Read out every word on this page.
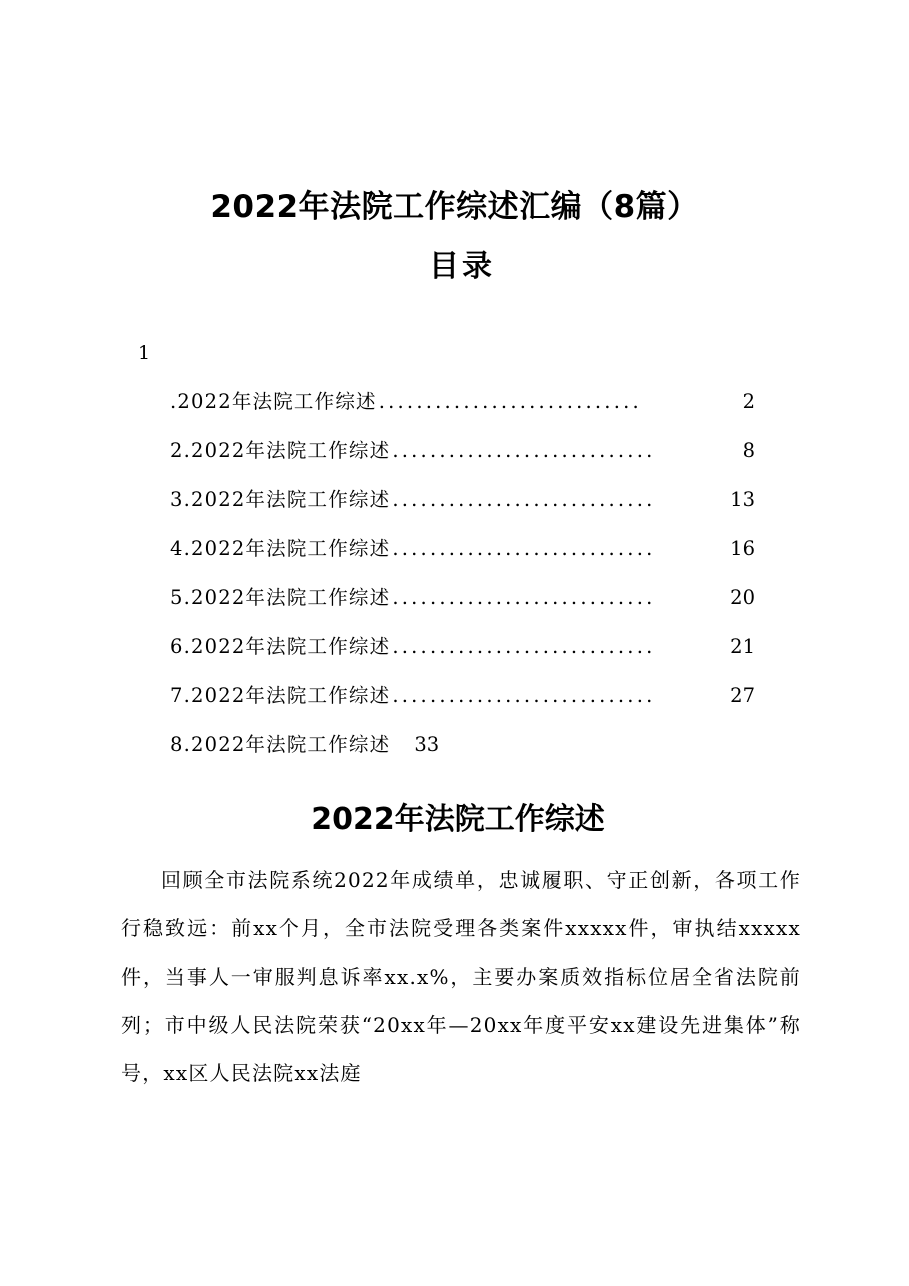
2022年法院工作综述汇编（8篇）
目录
1
.2022年法院工作综述 ............................	2
2.2022年法院工作综述 ............................	8
3.2022年法院工作综述 ............................	13
4.2022年法院工作综述 ............................	16
5.2022年法院工作综述 ............................	20
6.2022年法院工作综述 ............................	21
7.2022年法院工作综述 ............................	27
8.2022年法院工作综述 33
2022年法院工作综述

回顾全市法院系统2022年成绩单，忠诚履职、守正创新，各项工作行稳致远：前xx个月，全市法院受理各类案件xxxxx件，审执结xxxxx件，当事人一审服判息诉率xx.x%，主要办案质效指标位居全省法院前列；市中级人民法院荣获“20xx年—20xx年度平安xx建设先进集体”称号，xx区人民法院xx法庭
